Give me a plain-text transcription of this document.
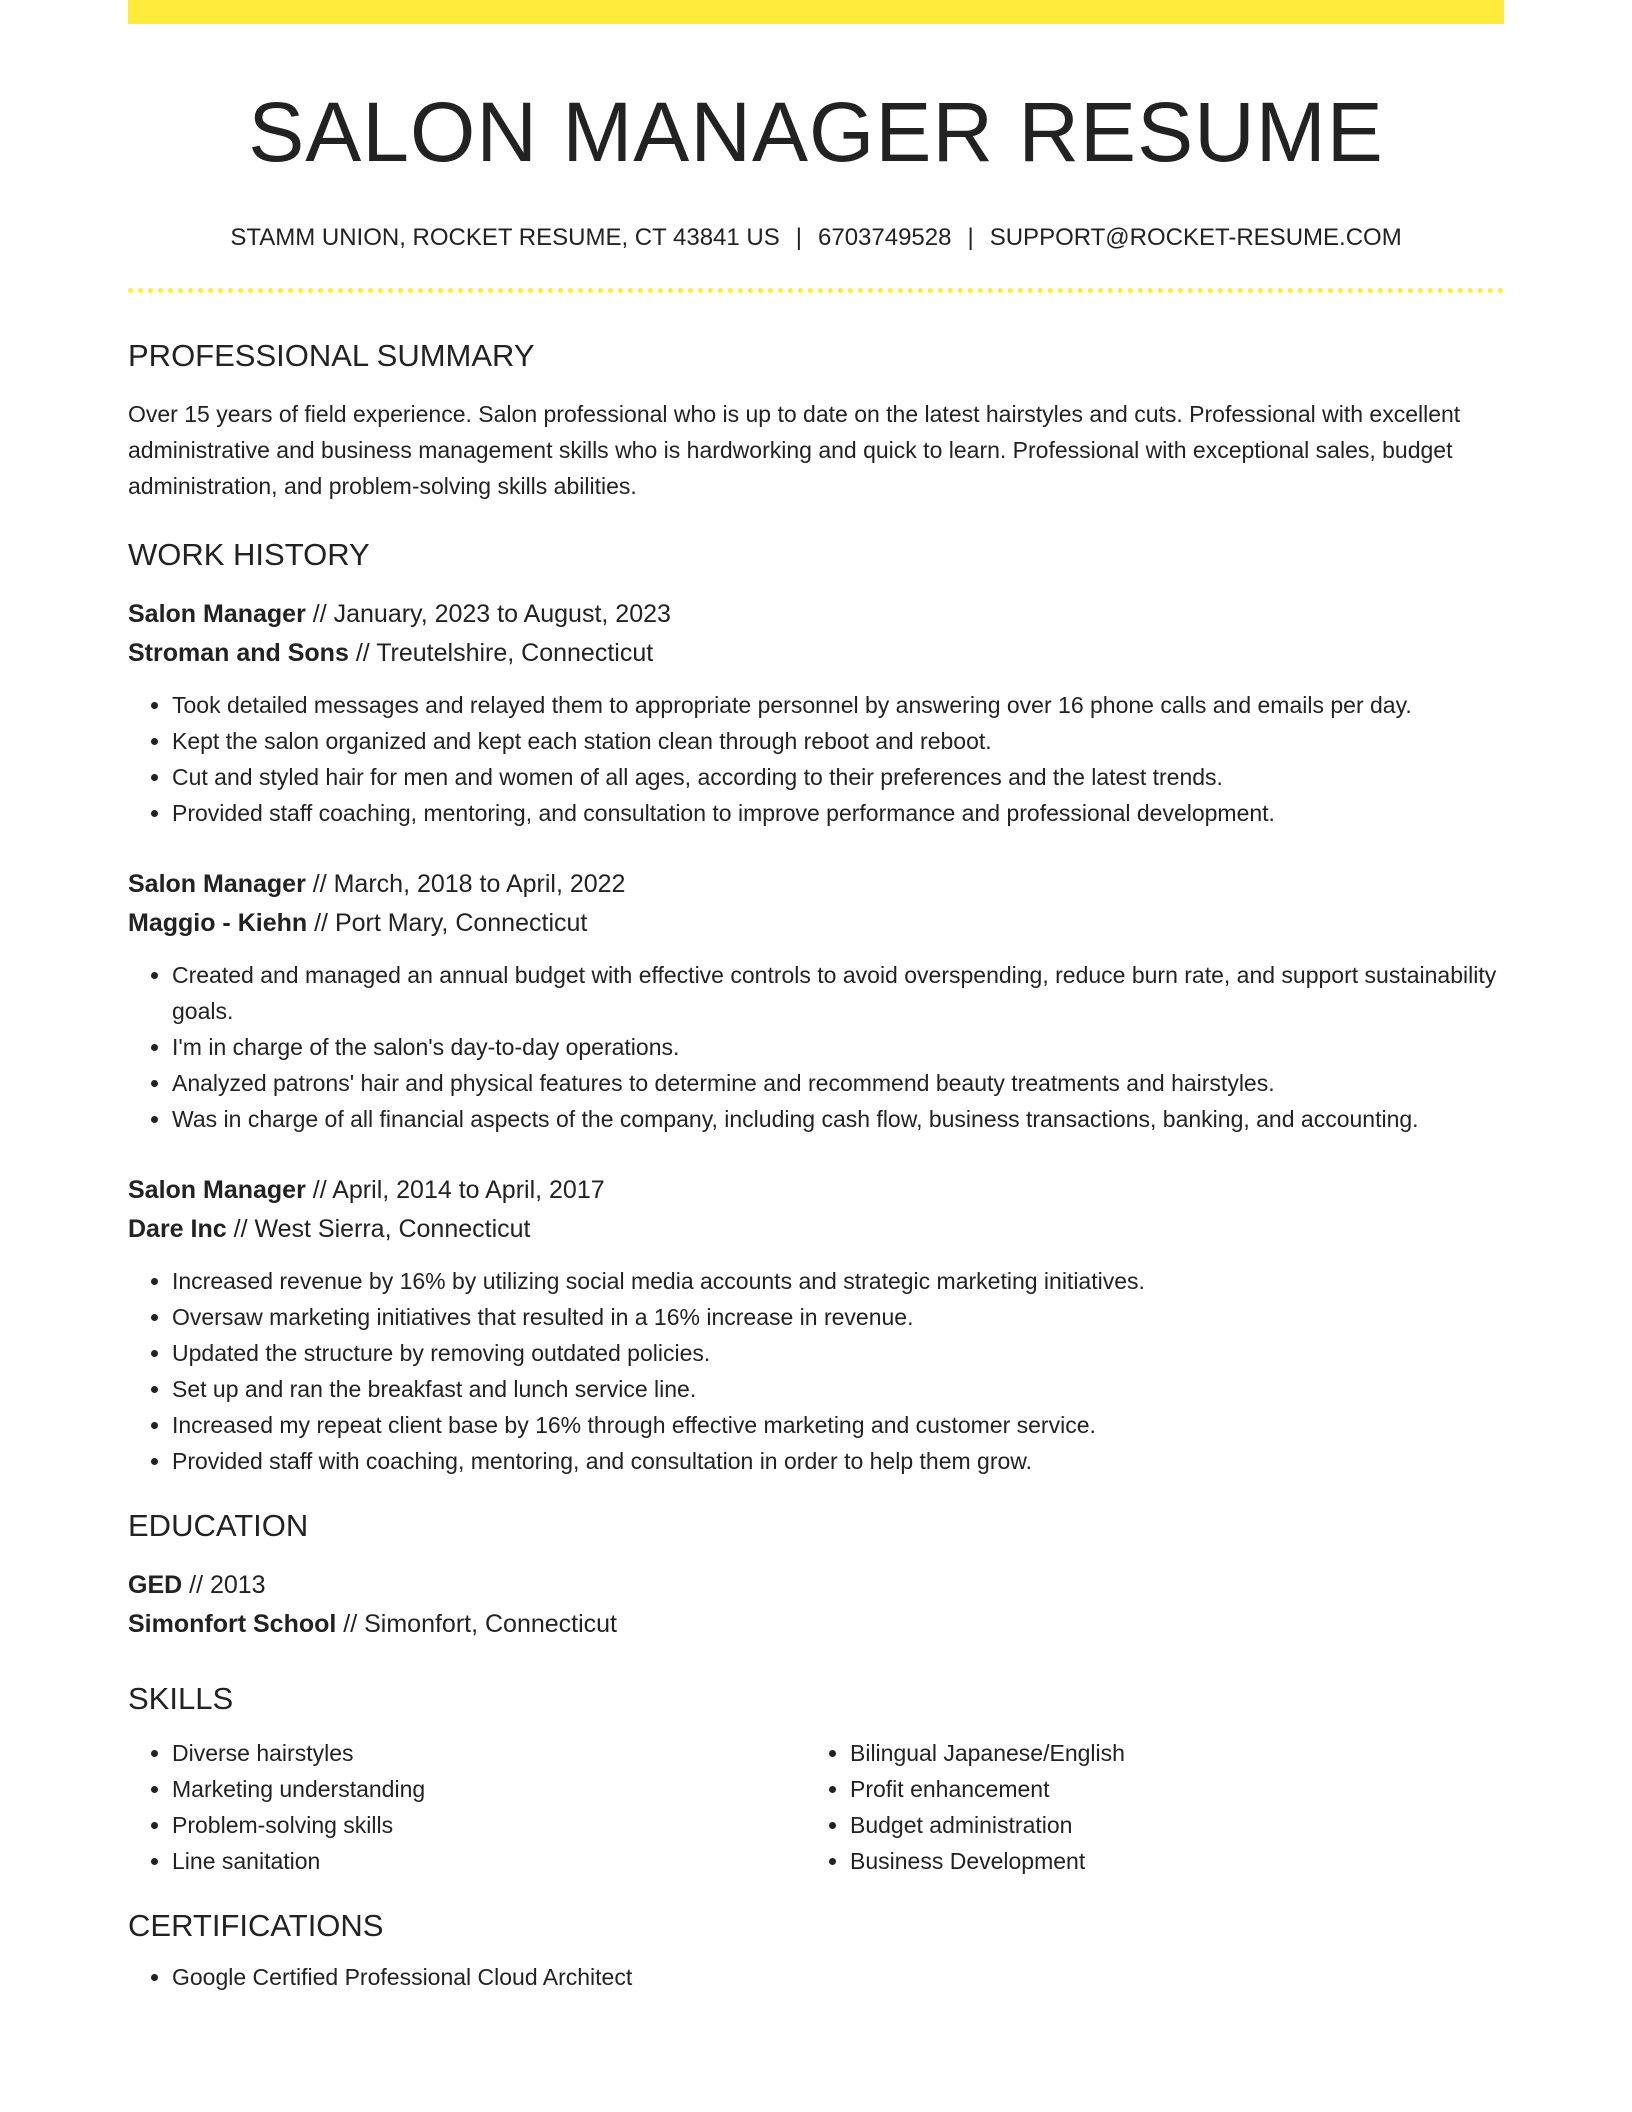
SALON MANAGER RESUME
STAMM UNION, ROCKET RESUME, CT 43841 US | 6703749528 | SUPPORT@ROCKET-RESUME.COM
PROFESSIONAL SUMMARY
Over 15 years of field experience. Salon professional who is up to date on the latest hairstyles and cuts. Professional with excellent administrative and business management skills who is hardworking and quick to learn. Professional with exceptional sales, budget administration, and problem-solving skills abilities.
WORK HISTORY
Salon Manager // January, 2023 to August, 2023
Stroman and Sons // Treutelshire, Connecticut
• Took detailed messages and relayed them to appropriate personnel by answering over 16 phone calls and emails per day.
• Kept the salon organized and kept each station clean through reboot and reboot.
• Cut and styled hair for men and women of all ages, according to their preferences and the latest trends.
• Provided staff coaching, mentoring, and consultation to improve performance and professional development.
Salon Manager // March, 2018 to April, 2022
Maggio - Kiehn // Port Mary, Connecticut
• Created and managed an annual budget with effective controls to avoid overspending, reduce burn rate, and support sustainability goals.
• I'm in charge of the salon's day-to-day operations.
• Analyzed patrons' hair and physical features to determine and recommend beauty treatments and hairstyles.
• Was in charge of all financial aspects of the company, including cash flow, business transactions, banking, and accounting.
Salon Manager // April, 2014 to April, 2017
Dare Inc // West Sierra, Connecticut
• Increased revenue by 16% by utilizing social media accounts and strategic marketing initiatives.
• Oversaw marketing initiatives that resulted in a 16% increase in revenue.
• Updated the structure by removing outdated policies.
• Set up and ran the breakfast and lunch service line.
• Increased my repeat client base by 16% through effective marketing and customer service.
• Provided staff with coaching, mentoring, and consultation in order to help them grow.
EDUCATION
GED // 2013
Simonfort School // Simonfort, Connecticut
SKILLS
• Diverse hairstyles
• Marketing understanding
• Problem-solving skills
• Line sanitation
• Bilingual Japanese/English
• Profit enhancement
• Budget administration
• Business Development
CERTIFICATIONS
• Google Certified Professional Cloud Architect
